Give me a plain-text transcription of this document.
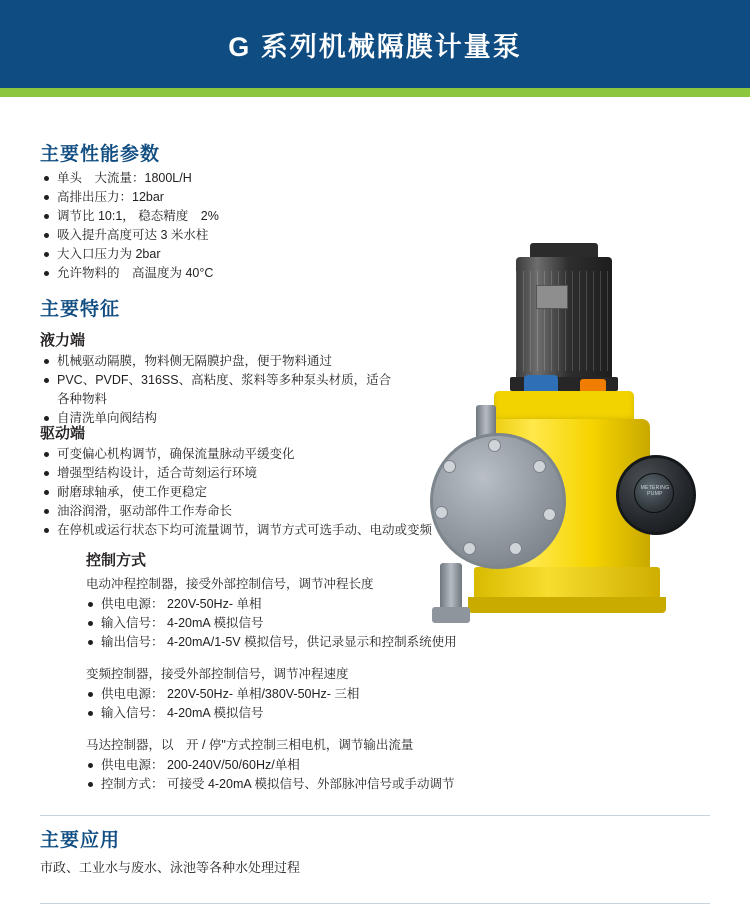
G 系列机械隔膜计量泵
主要性能参数
单头　大流量：1800L/H
高排出压力：12bar
调节比 10:1， 稳态精度　2%
吸入提升高度可达 3 米水柱
大入口压力为 2bar
允许物料的　高温度为 40°C
主要特征
液力端
机械驱动隔膜，物料侧无隔膜护盘，便于物料通过
PVC、PVDF、316SS、高粘度、浆料等多种泵头材质，适合各种物料
自清洗单向阀结构
驱动端
可变偏心机构调节，确保流量脉动平缓变化
增强型结构设计，适合苛刻运行环境
耐磨球轴承，使工作更稳定
油浴润滑，驱动部件工作寿命长
在停机或运行状态下均可流量调节，调节方式可选手动、电动或变频
控制方式

电动冲程控制器，接受外部控制信号，调节冲程长度

供电电源： 220V-50Hz- 单相
输入信号： 4-20mA 模拟信号
输出信号： 4-20mA/1-5V 模拟信号，供记录显示和控制系统使用

变频控制器，接受外部控制信号，调节冲程速度

供电电源： 220V-50Hz- 单相/380V-50Hz- 三相
输入信号： 4-20mA 模拟信号

马达控制器，以　开 / 停"方式控制三相电机，调节输出流量

供电电源： 200-240V/50/60Hz/单相
控制方式： 可接受 4-20mA 模拟信号、外部脉冲信号或手动调节
主要应用
市政、工业水与废水、泳池等各种水处理过程
METERING PUMP
